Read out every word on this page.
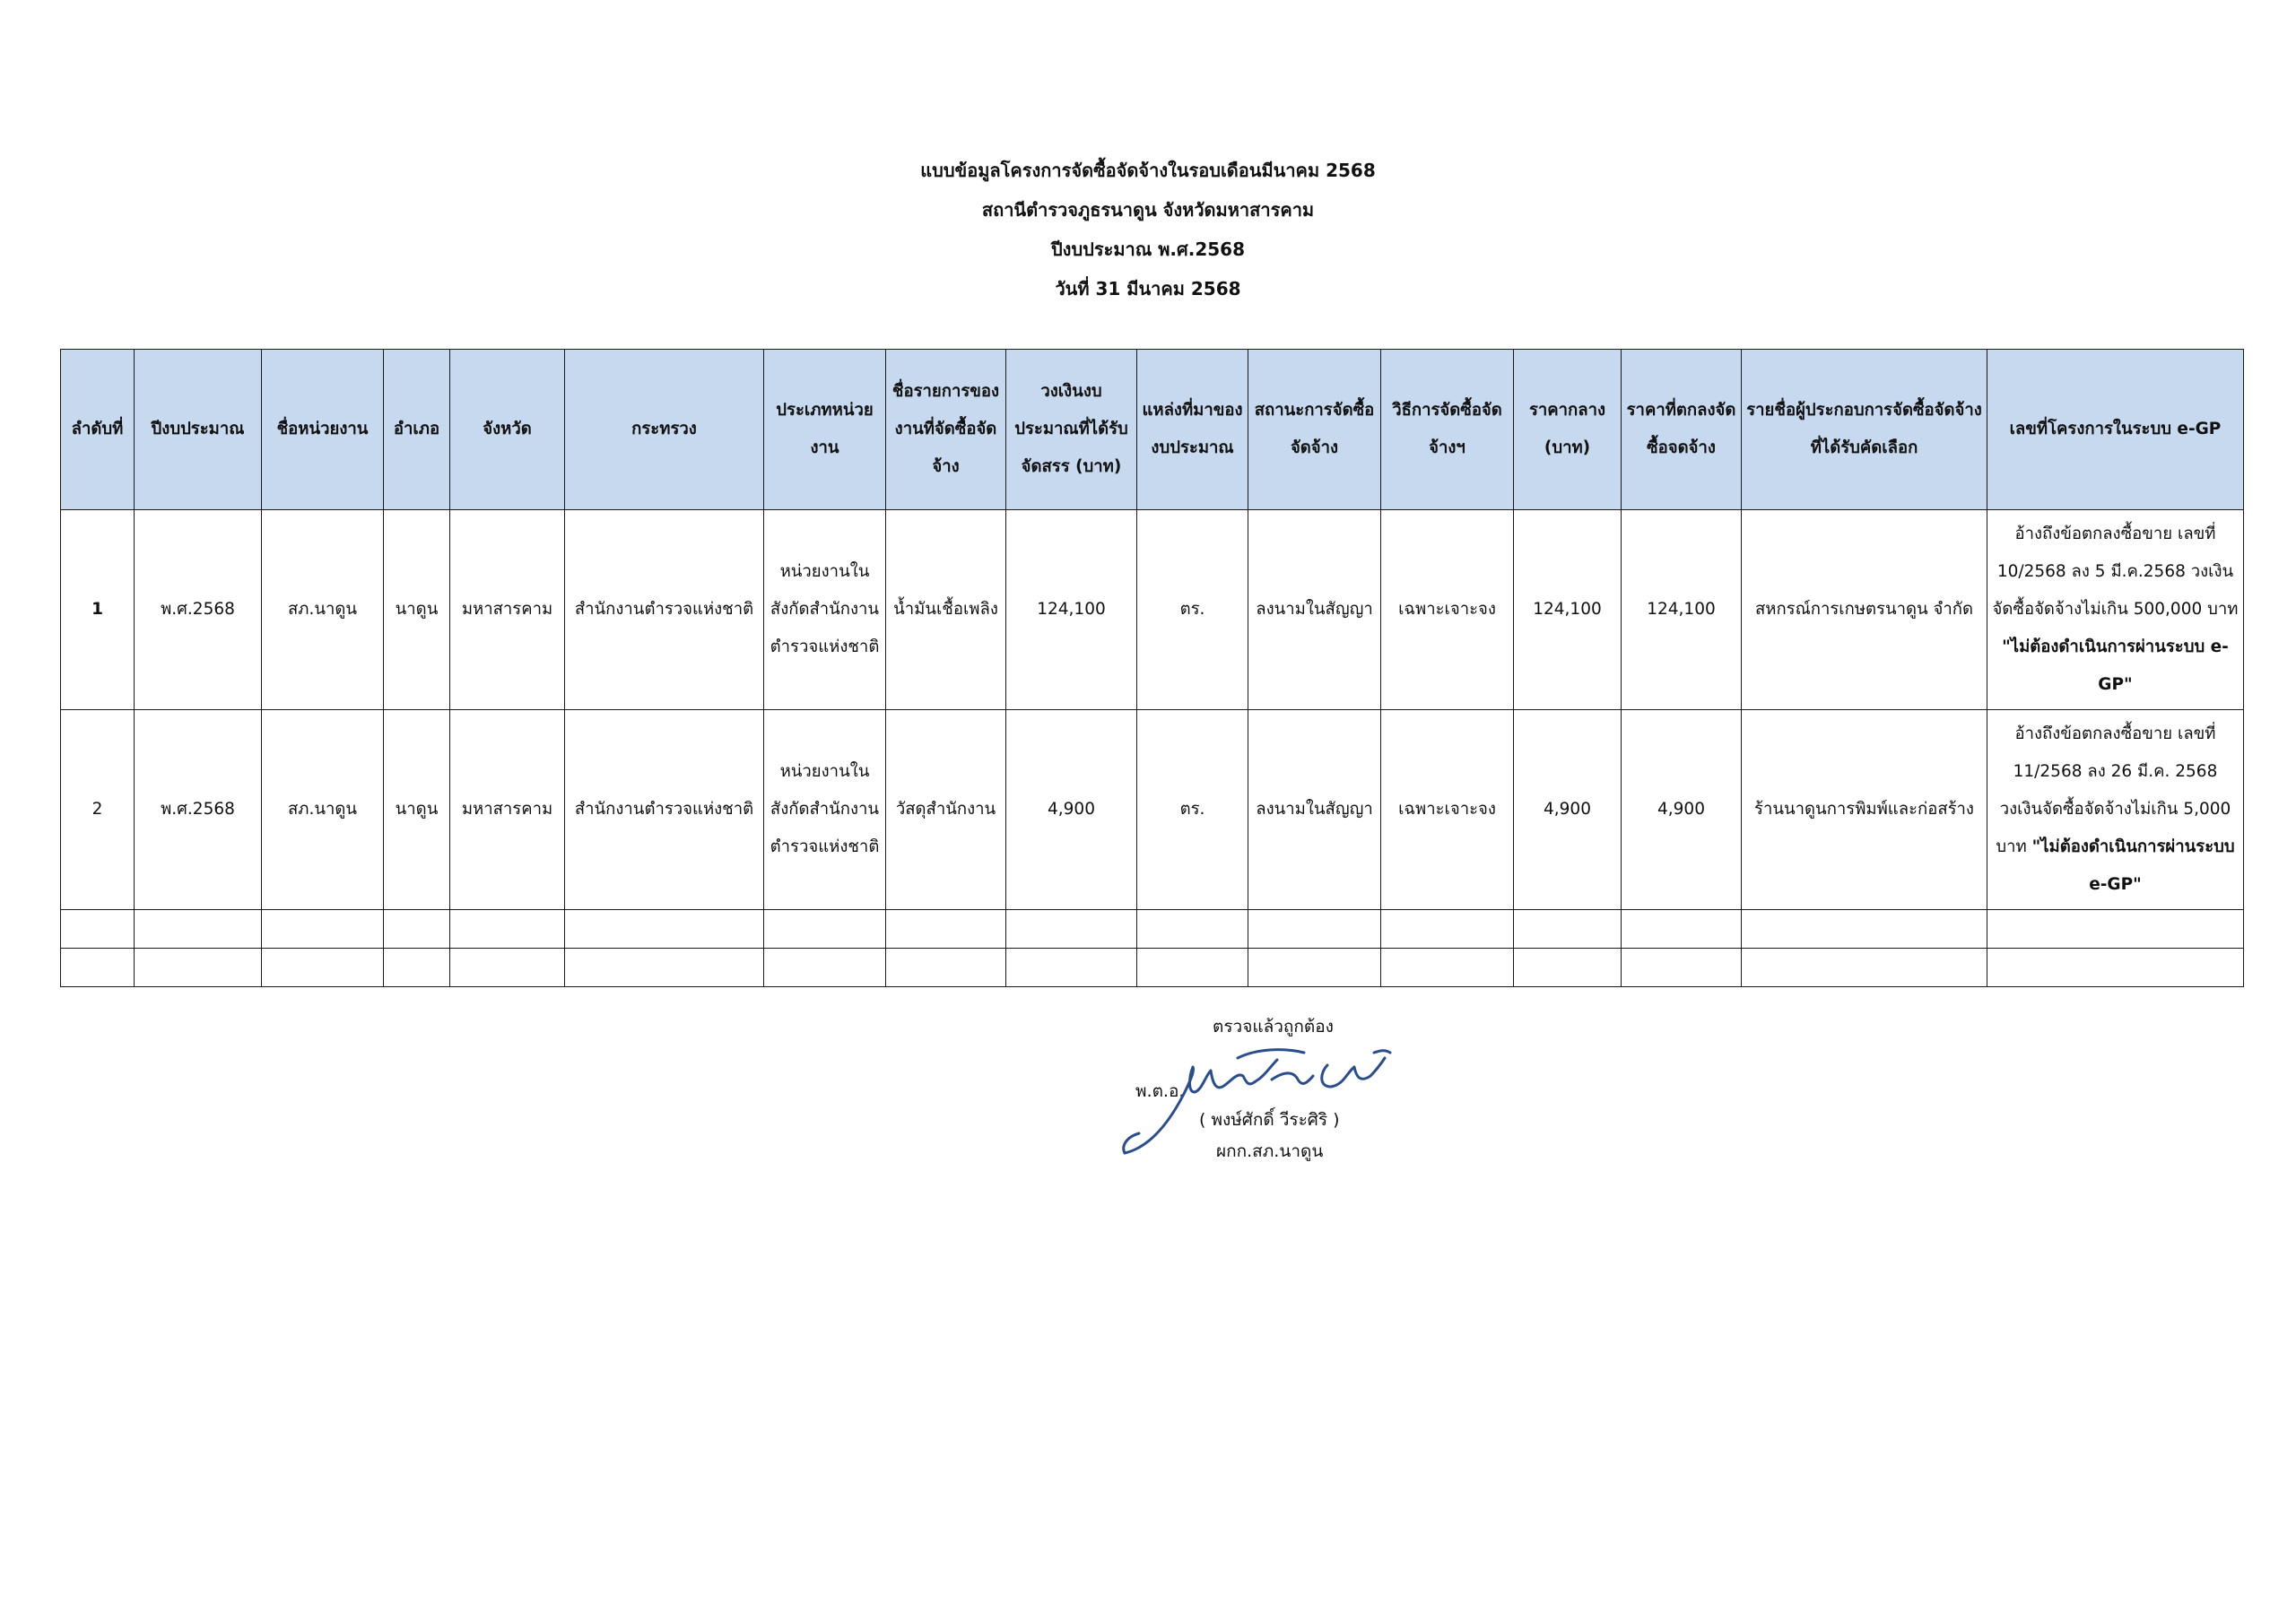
แบบข้อมูลโครงการจัดซื้อจัดจ้างในรอบเดือนมีนาคม 2568
สถานีตำรวจภูธรนาดูน จังหวัดมหาสารคาม
ปีงบประมาณ พ.ศ.2568
วันที่ 31 มีนาคม 2568
ลำดับที่	ปีงบประมาณ	ชื่อหน่วยงาน	อำเภอ	จังหวัด	กระทรวง	ประเภทหน่วยงาน	ชื่อรายการของงานที่จัดซื้อจัดจ้าง	วงเงินงบประมาณที่ได้รับจัดสรร (บาท)	แหล่งที่มาของงบประมาณ	สถานะการจัดซื้อจัดจ้าง	วิธีการจัดซื้อจัดจ้างฯ	ราคากลาง (บาท)	ราคาที่ตกลงจัดซื้อจดจ้าง	รายชื่อผู้ประกอบการจัดซื้อจัดจ้างที่ได้รับคัดเลือก	เลขที่โครงการในระบบ e-GP
1	พ.ศ.2568	สภ.นาดูน	นาดูน	มหาสารคาม	สำนักงานตำรวจแห่งชาติ	หน่วยงานในสังกัดสำนักงานตำรวจแห่งชาติ	น้ำมันเชื้อเพลิง	124,100	ตร.	ลงนามในสัญญา	เฉพาะเจาะจง	124,100	124,100	สหกรณ์การเกษตรนาดูน จำกัด	อ้างถึงข้อตกลงซื้อขาย เลขที่ 10/2568 ลง 5 มี.ค.2568 วงเงินจัดซื้อจัดจ้างไม่เกิน 500,000 บาท "ไม่ต้องดำเนินการผ่านระบบ e-GP"
2	พ.ศ.2568	สภ.นาดูน	นาดูน	มหาสารคาม	สำนักงานตำรวจแห่งชาติ	หน่วยงานในสังกัดสำนักงานตำรวจแห่งชาติ	วัสดุสำนักงาน	4,900	ตร.	ลงนามในสัญญา	เฉพาะเจาะจง	4,900	4,900	ร้านนาดูนการพิมพ์และก่อสร้าง	อ้างถึงข้อตกลงซื้อขาย เลขที่ 11/2568 ลง 26 มี.ค. 2568 วงเงินจัดซื้อจัดจ้างไม่เกิน 5,000 บาท "ไม่ต้องดำเนินการผ่านระบบ e-GP"

ตรวจแล้วถูกต้อง
พ.ต.อ.
( พงษ์ศักดิ์ วีระศิริ )
ผกก.สภ.นาดูน
